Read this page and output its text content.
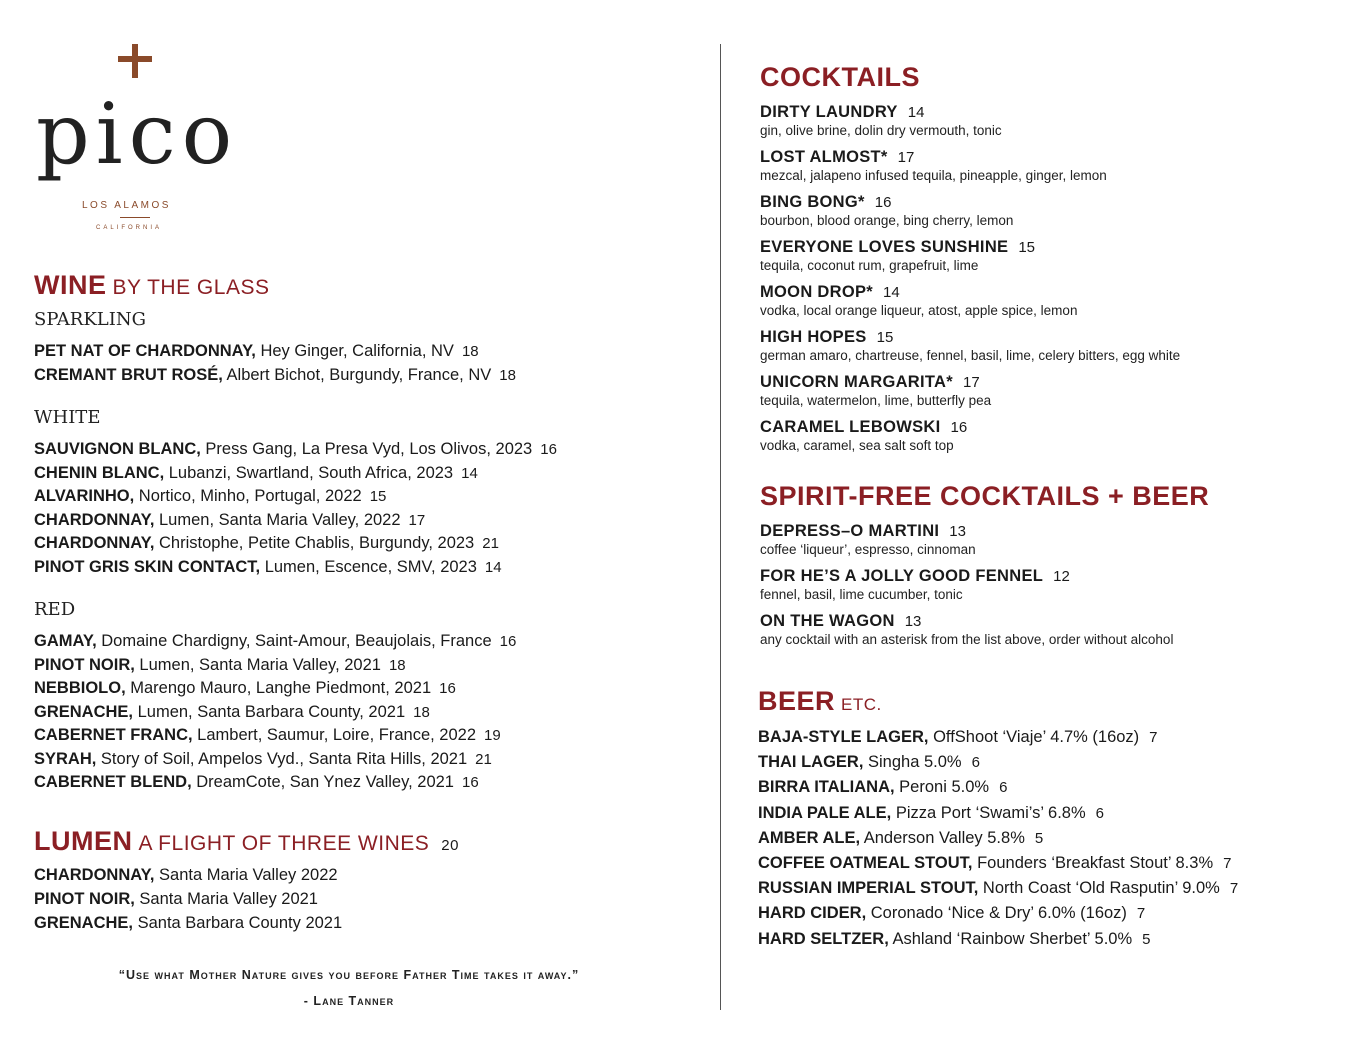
pico
LOS ALAMOS
CALIFORNIA
WINE BY THE GLASS
SPARKLING
PET NAT OF CHARDONNAY, Hey Ginger, California, NV 18
CREMANT BRUT ROSÉ, Albert Bichot, Burgundy, France, NV 18
WHITE
SAUVIGNON BLANC, Press Gang, La Presa Vyd, Los Olivos, 2023 16
CHENIN BLANC, Lubanzi, Swartland, South Africa, 2023 14
ALVARINHO, Nortico, Minho, Portugal, 2022 15
CHARDONNAY, Lumen, Santa Maria Valley, 2022 17
CHARDONNAY, Christophe, Petite Chablis, Burgundy, 2023 21
PINOT GRIS SKIN CONTACT, Lumen, Escence, SMV, 2023 14
RED
GAMAY, Domaine Chardigny, Saint-Amour, Beaujolais, France 16
PINOT NOIR, Lumen, Santa Maria Valley, 2021 18
NEBBIOLO, Marengo Mauro, Langhe Piedmont, 2021 16
GRENACHE, Lumen, Santa Barbara County, 2021 18
CABERNET FRANC, Lambert, Saumur, Loire, France, 2022 19
SYRAH, Story of Soil, Ampelos Vyd., Santa Rita Hills, 2021 21
CABERNET BLEND, DreamCote, San Ynez Valley, 2021 16
LUMEN A FLIGHT OF THREE WINES 20
CHARDONNAY, Santa Maria Valley 2022
PINOT NOIR, Santa Maria Valley 2021
GRENACHE, Santa Barbara County 2021
“Use what Mother Nature gives you before Father Time takes it away.”
- Lane Tanner
COCKTAILS
DIRTY LAUNDRY 14
gin, olive brine, dolin dry vermouth, tonic
LOST ALMOST* 17
mezcal, jalapeno infused tequila, pineapple, ginger, lemon
BING BONG* 16
bourbon, blood orange, bing cherry, lemon
EVERYONE LOVES SUNSHINE 15
tequila, coconut rum, grapefruit, lime
MOON DROP* 14
vodka, local orange liqueur, atost, apple spice, lemon
HIGH HOPES 15
german amaro, chartreuse, fennel, basil, lime, celery bitters, egg white
UNICORN MARGARITA* 17
tequila, watermelon, lime, butterfly pea
CARAMEL LEBOWSKI 16
vodka, caramel, sea salt soft top
SPIRIT-FREE COCKTAILS + BEER
DEPRESS–O MARTINI 13
coffee ‘liqueur’, espresso, cinnoman
FOR HE’S A JOLLY GOOD FENNEL 12
fennel, basil, lime cucumber, tonic
ON THE WAGON 13
any cocktail with an asterisk from the list above, order without alcohol
BEER ETC.
BAJA-STYLE LAGER, OffShoot ‘Viaje’ 4.7% (16oz) 7
THAI LAGER, Singha 5.0% 6
BIRRA ITALIANA, Peroni 5.0% 6
INDIA PALE ALE, Pizza Port ‘Swami’s’ 6.8% 6
AMBER ALE, Anderson Valley 5.8% 5
COFFEE OATMEAL STOUT, Founders ‘Breakfast Stout’ 8.3% 7
RUSSIAN IMPERIAL STOUT, North Coast ‘Old Rasputin’ 9.0% 7
HARD CIDER, Coronado ‘Nice & Dry’ 6.0% (16oz) 7
HARD SELTZER, Ashland ‘Rainbow Sherbet’ 5.0% 5
